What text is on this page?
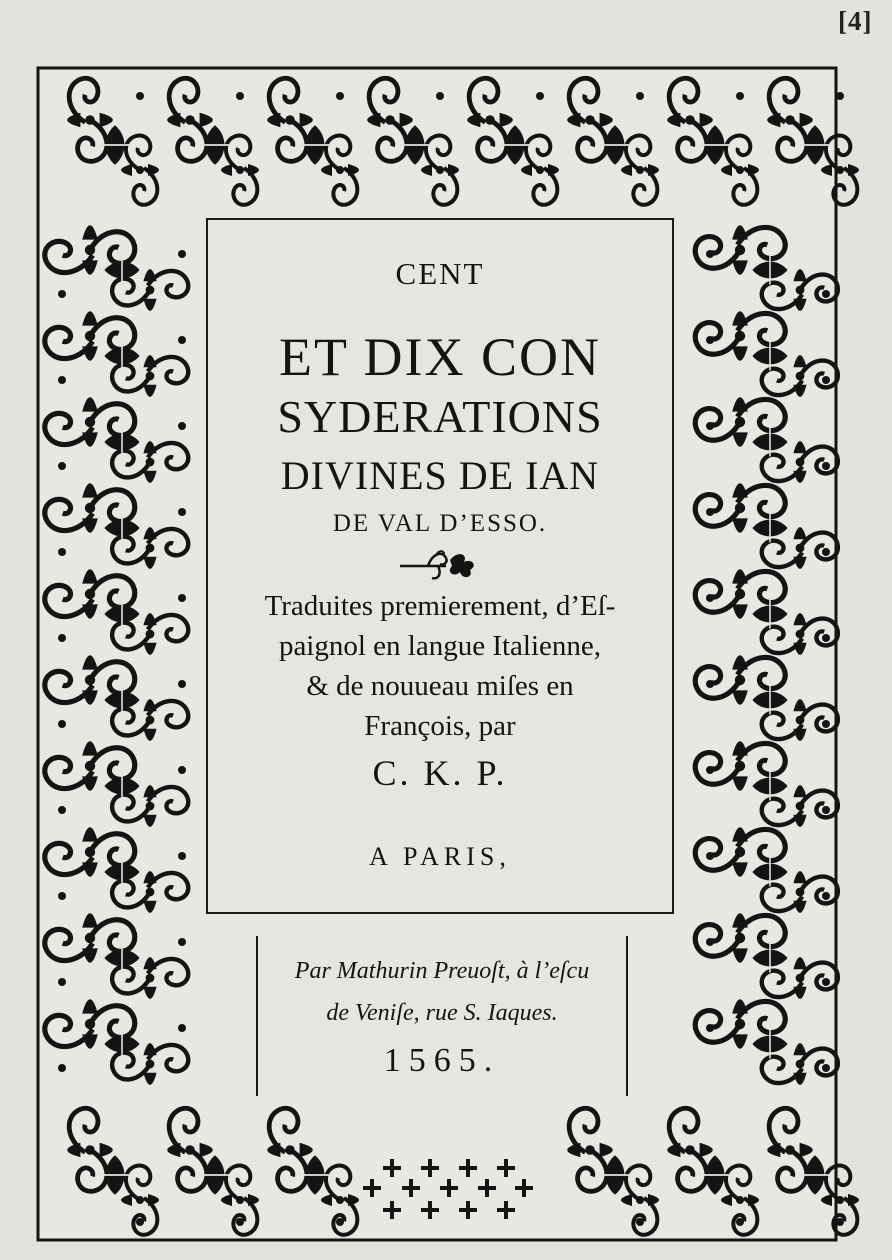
[4]
CENT
ET DIX CON
SYDERATIONS
DIVINES DE IAN
DE VAL D’ESSO.
Traduites premierement, d’Eſ-
paignol en langue Italienne,
& de nouueau miſes en
François, par
C. K. P.
A PARIS,
Par Mathurin Preuoſt, à l’eſcu
de Veniſe, rue S. Iaques.
1565.
